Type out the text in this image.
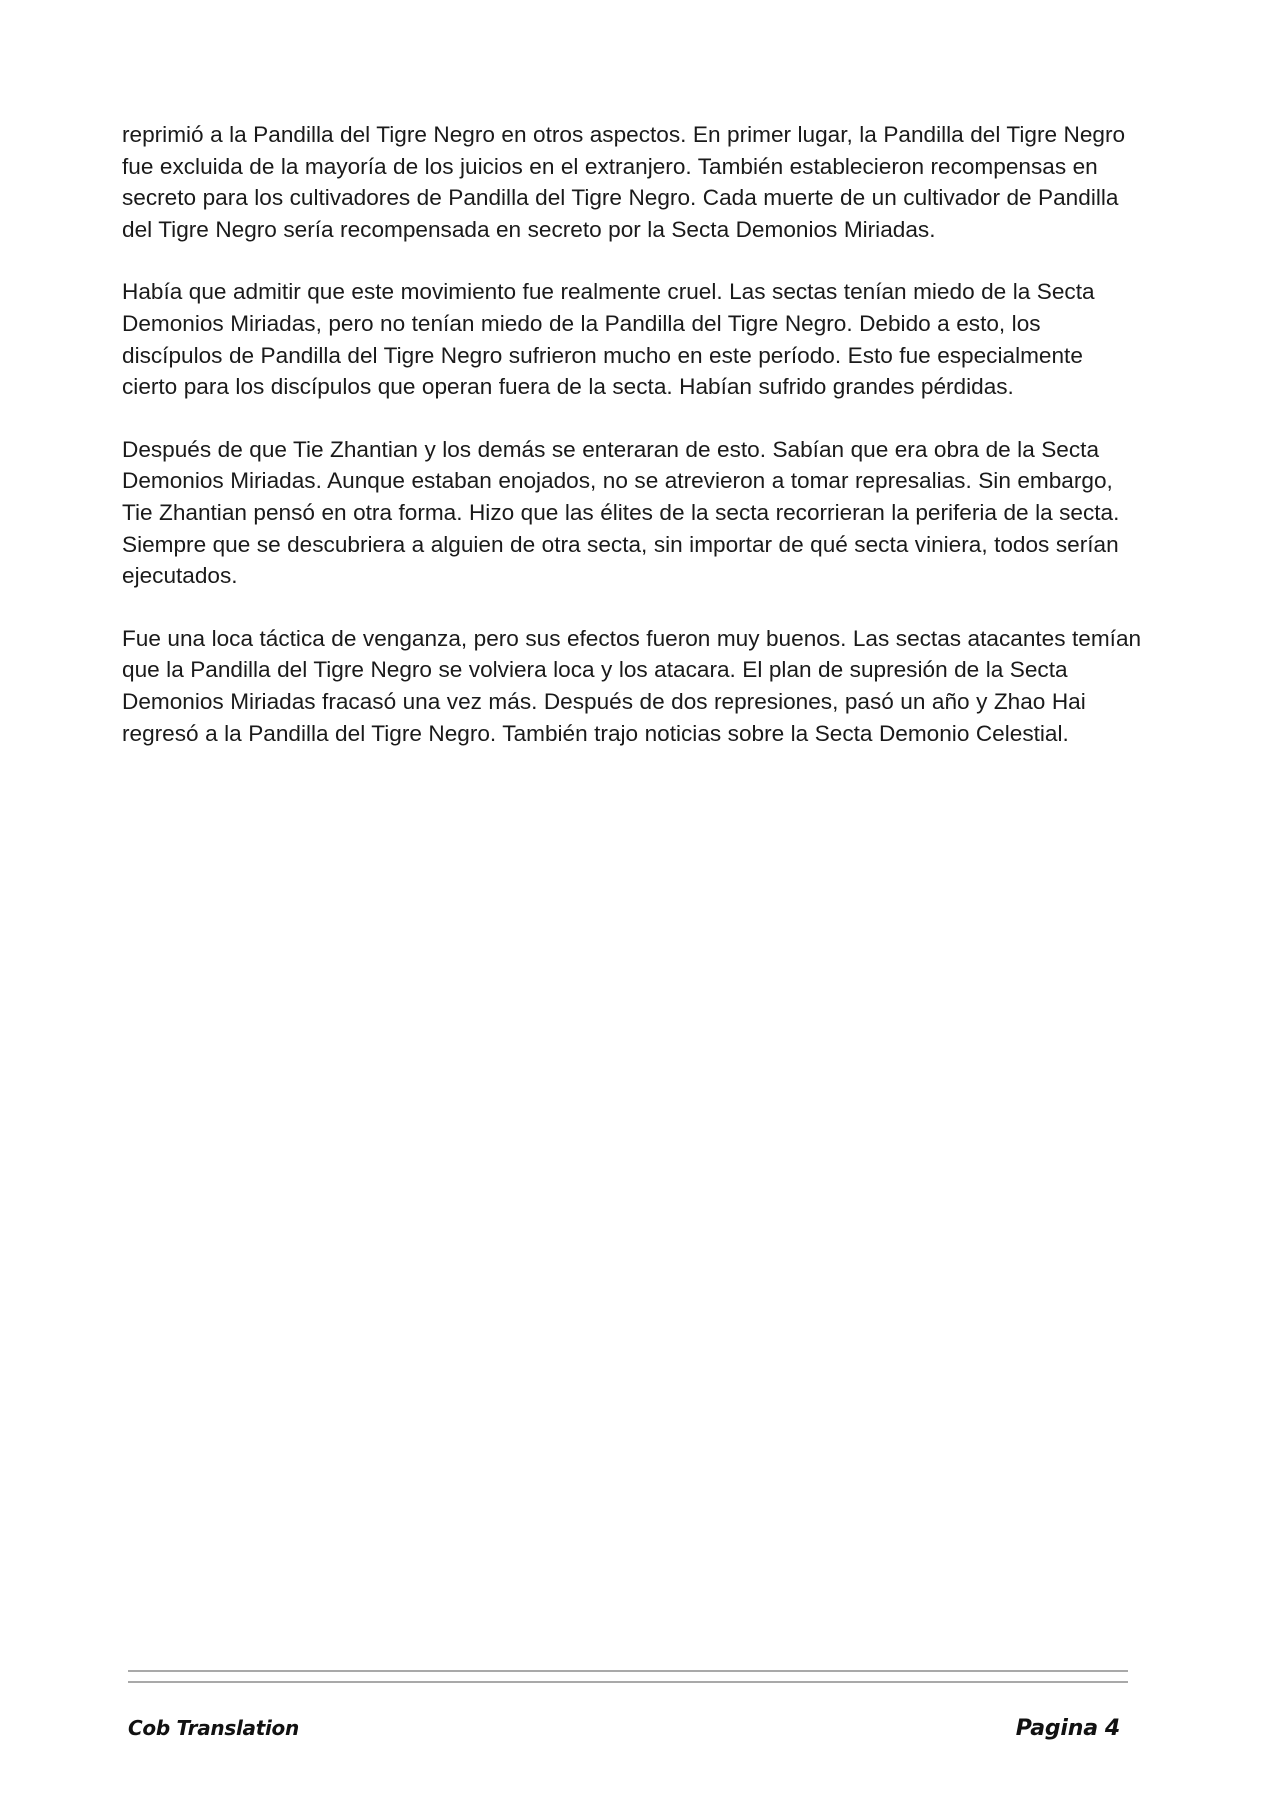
reprimió a la Pandilla del Tigre Negro en otros aspectos. En primer lugar, la Pandilla del Tigre Negro fue excluida de la mayoría de los juicios en el extranjero. También establecieron recompensas en secreto para los cultivadores de Pandilla del Tigre Negro. Cada muerte de un cultivador de Pandilla del Tigre Negro sería recompensada en secreto por la Secta Demonios Miriadas.

Había que admitir que este movimiento fue realmente cruel. Las sectas tenían miedo de la Secta Demonios Miriadas, pero no tenían miedo de la Pandilla del Tigre Negro. Debido a esto, los discípulos de Pandilla del Tigre Negro sufrieron mucho en este período. Esto fue especialmente cierto para los discípulos que operan fuera de la secta. Habían sufrido grandes pérdidas.

Después de que Tie Zhantian y los demás se enteraran de esto. Sabían que era obra de la Secta Demonios Miriadas. Aunque estaban enojados, no se atrevieron a tomar represalias. Sin embargo, Tie Zhantian pensó en otra forma. Hizo que las élites de la secta recorrieran la periferia de la secta. Siempre que se descubriera a alguien de otra secta, sin importar de qué secta viniera, todos serían ejecutados.

Fue una loca táctica de venganza, pero sus efectos fueron muy buenos. Las sectas atacantes temían que la Pandilla del Tigre Negro se volviera loca y los atacara. El plan de supresión de la Secta Demonios Miriadas fracasó una vez más. Después de dos represiones, pasó un año y Zhao Hai regresó a la Pandilla del Tigre Negro. También trajo noticias sobre la Secta Demonio Celestial.

Cob Translation	Pagina 4
